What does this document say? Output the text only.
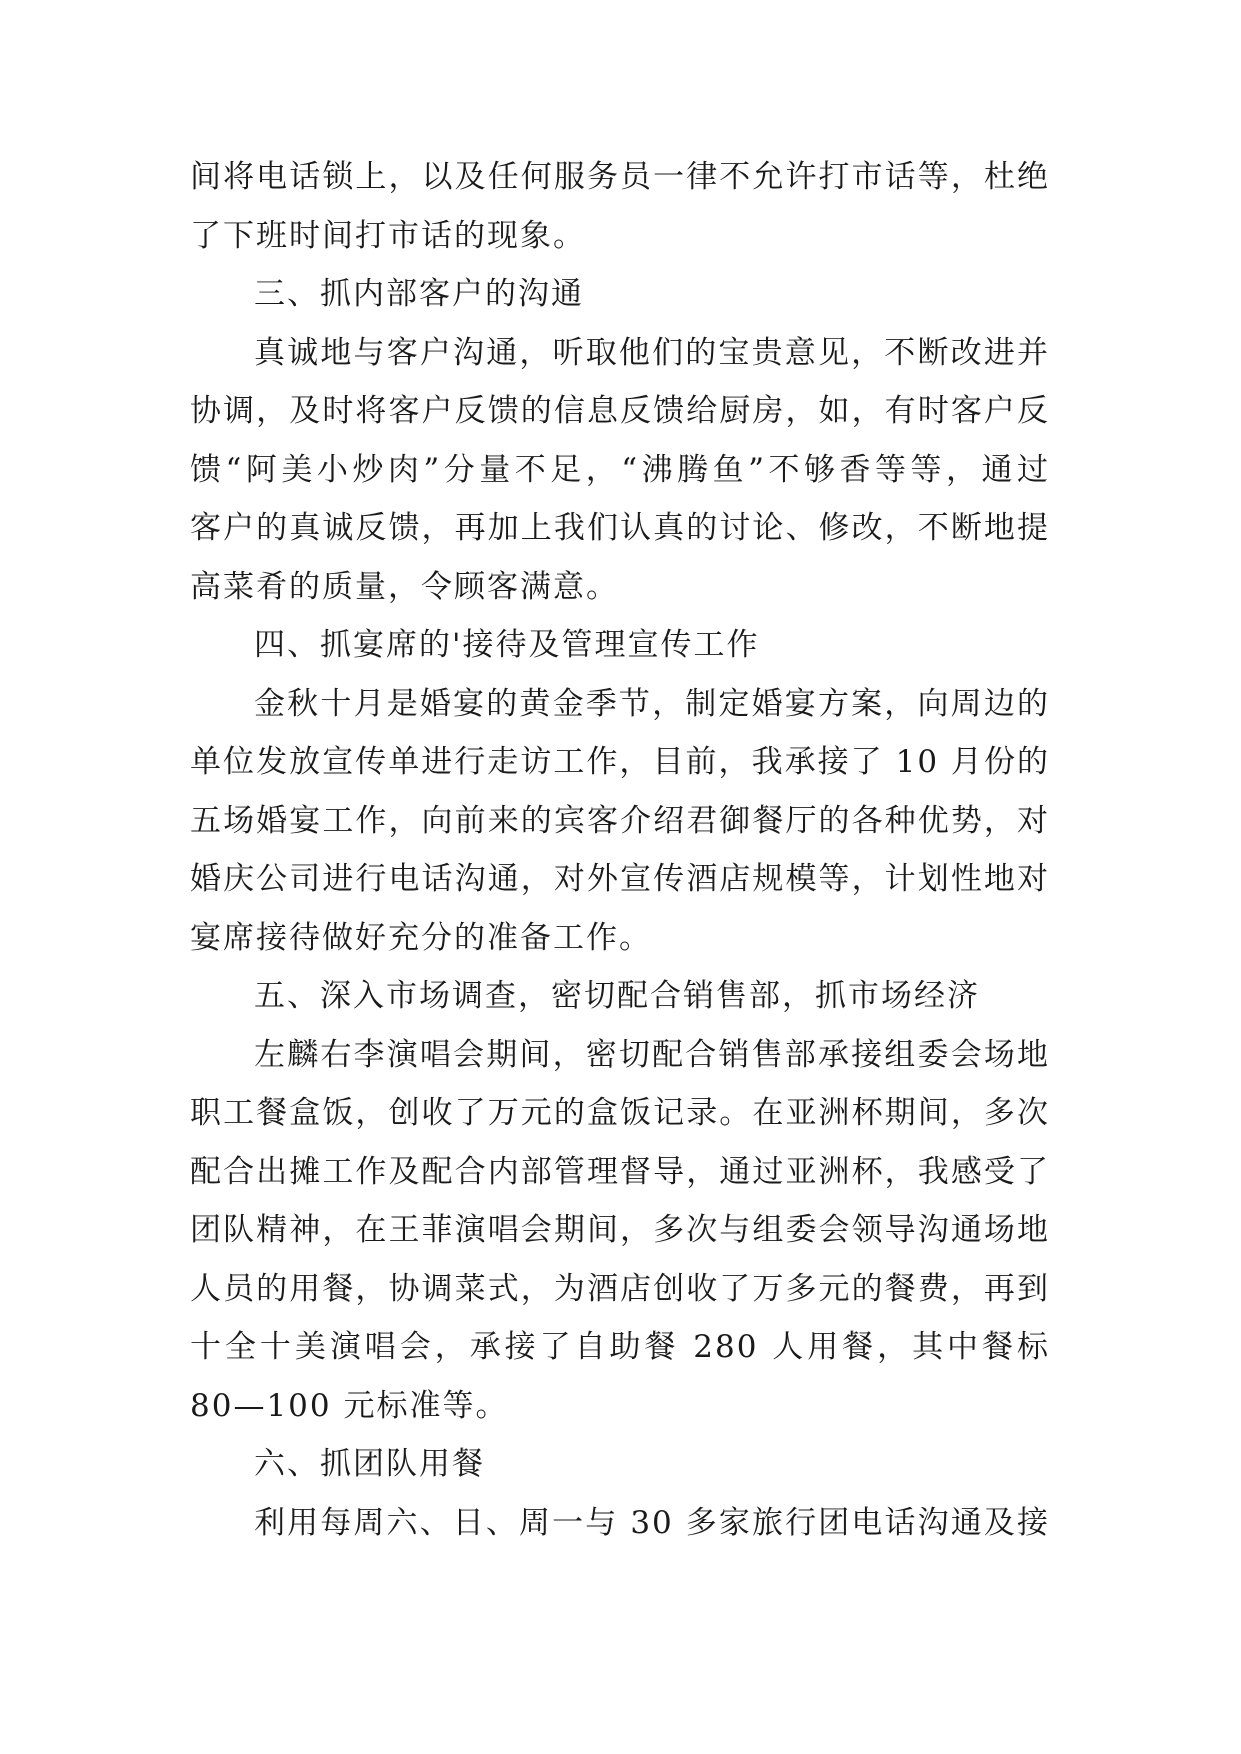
间将电话锁上，以及任何服务员一律不允许打市话等，杜绝
了下班时间打市话的现象。
三、抓内部客户的沟通
真诚地与客户沟通，听取他们的宝贵意见，不断改进并
协调，及时将客户反馈的信息反馈给厨房，如，有时客户反
馈“阿美小炒肉”分量不足，“沸腾鱼”不够香等等，通过
客户的真诚反馈，再加上我们认真的讨论、修改，不断地提
高菜肴的质量，令顾客满意。
四、抓宴席的'接待及管理宣传工作
金秋十月是婚宴的黄金季节，制定婚宴方案，向周边的
单位发放宣传单进行走访工作，目前，我承接了 10 月份的
五场婚宴工作，向前来的宾客介绍君御餐厅的各种优势，对
婚庆公司进行电话沟通，对外宣传酒店规模等，计划性地对
宴席接待做好充分的准备工作。
五、深入市场调查，密切配合销售部，抓市场经济
左麟右李演唱会期间，密切配合销售部承接组委会场地
职工餐盒饭，创收了万元的盒饭记录。在亚洲杯期间，多次
配合出摊工作及配合内部管理督导，通过亚洲杯，我感受了
团队精神，在王菲演唱会期间，多次与组委会领导沟通场地
人员的用餐，协调菜式，为酒店创收了万多元的餐费，再到
十全十美演唱会，承接了自助餐 280 人用餐，其中餐标
80—100 元标准等。
六、抓团队用餐
利用每周六、日、周一与 30 多家旅行团电话沟通及接
